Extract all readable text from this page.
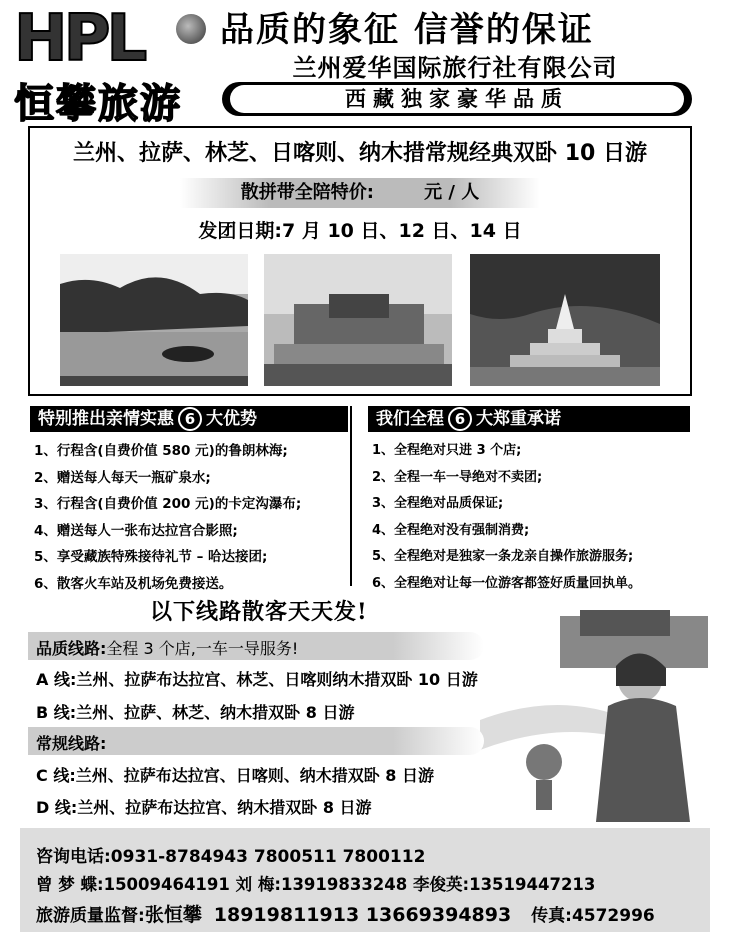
HPL
恒攀旅游
品质的象征 信誉的保证
兰州爱华国际旅行社有限公司
西藏独家豪华品质
兰州、拉萨、林芝、日喀则、纳木措常规经典双卧 10 日游
散拼带全陪特价:        元 / 人
发团日期:7 月 10 日、12 日、14 日
特别推出亲情实惠 6 大优势
1、行程含(自费价值 580 元)的鲁朗林海;
2、赠送每人每天一瓶矿泉水;
3、行程含(自费价值 200 元)的卡定沟瀑布;
4、赠送每人一张布达拉宫合影照;
5、享受藏族特殊接待礼节 – 哈达接团;
6、散客火车站及机场免费接送。
我们全程 6 大郑重承诺
1、全程绝对只进 3 个店;
2、全程一车一导绝对不卖团;
3、全程绝对品质保证;
4、全程绝对没有强制消费;
5、全程绝对是独家一条龙亲自操作旅游服务;
6、全程绝对让每一位游客都签好质量回执单。
以下线路散客天天发!
品质线路:全程 3 个店,一车一导服务!
A 线:兰州、拉萨布达拉宫、林芝、日喀则纳木措双卧 10 日游
B 线:兰州、拉萨、林芝、纳木措双卧 8 日游
常规线路:
C 线:兰州、拉萨布达拉宫、日喀则、纳木措双卧 8 日游
D 线:兰州、拉萨布达拉宫、纳木措双卧 8 日游
咨询电话:0931-8784943 7800511 7800112
曾 梦 蝶:15009464191 刘 梅:13919833248 李俊英:13519447213
旅游质量监督:张恒攀 18919811913 13669394893 传真:4572996
